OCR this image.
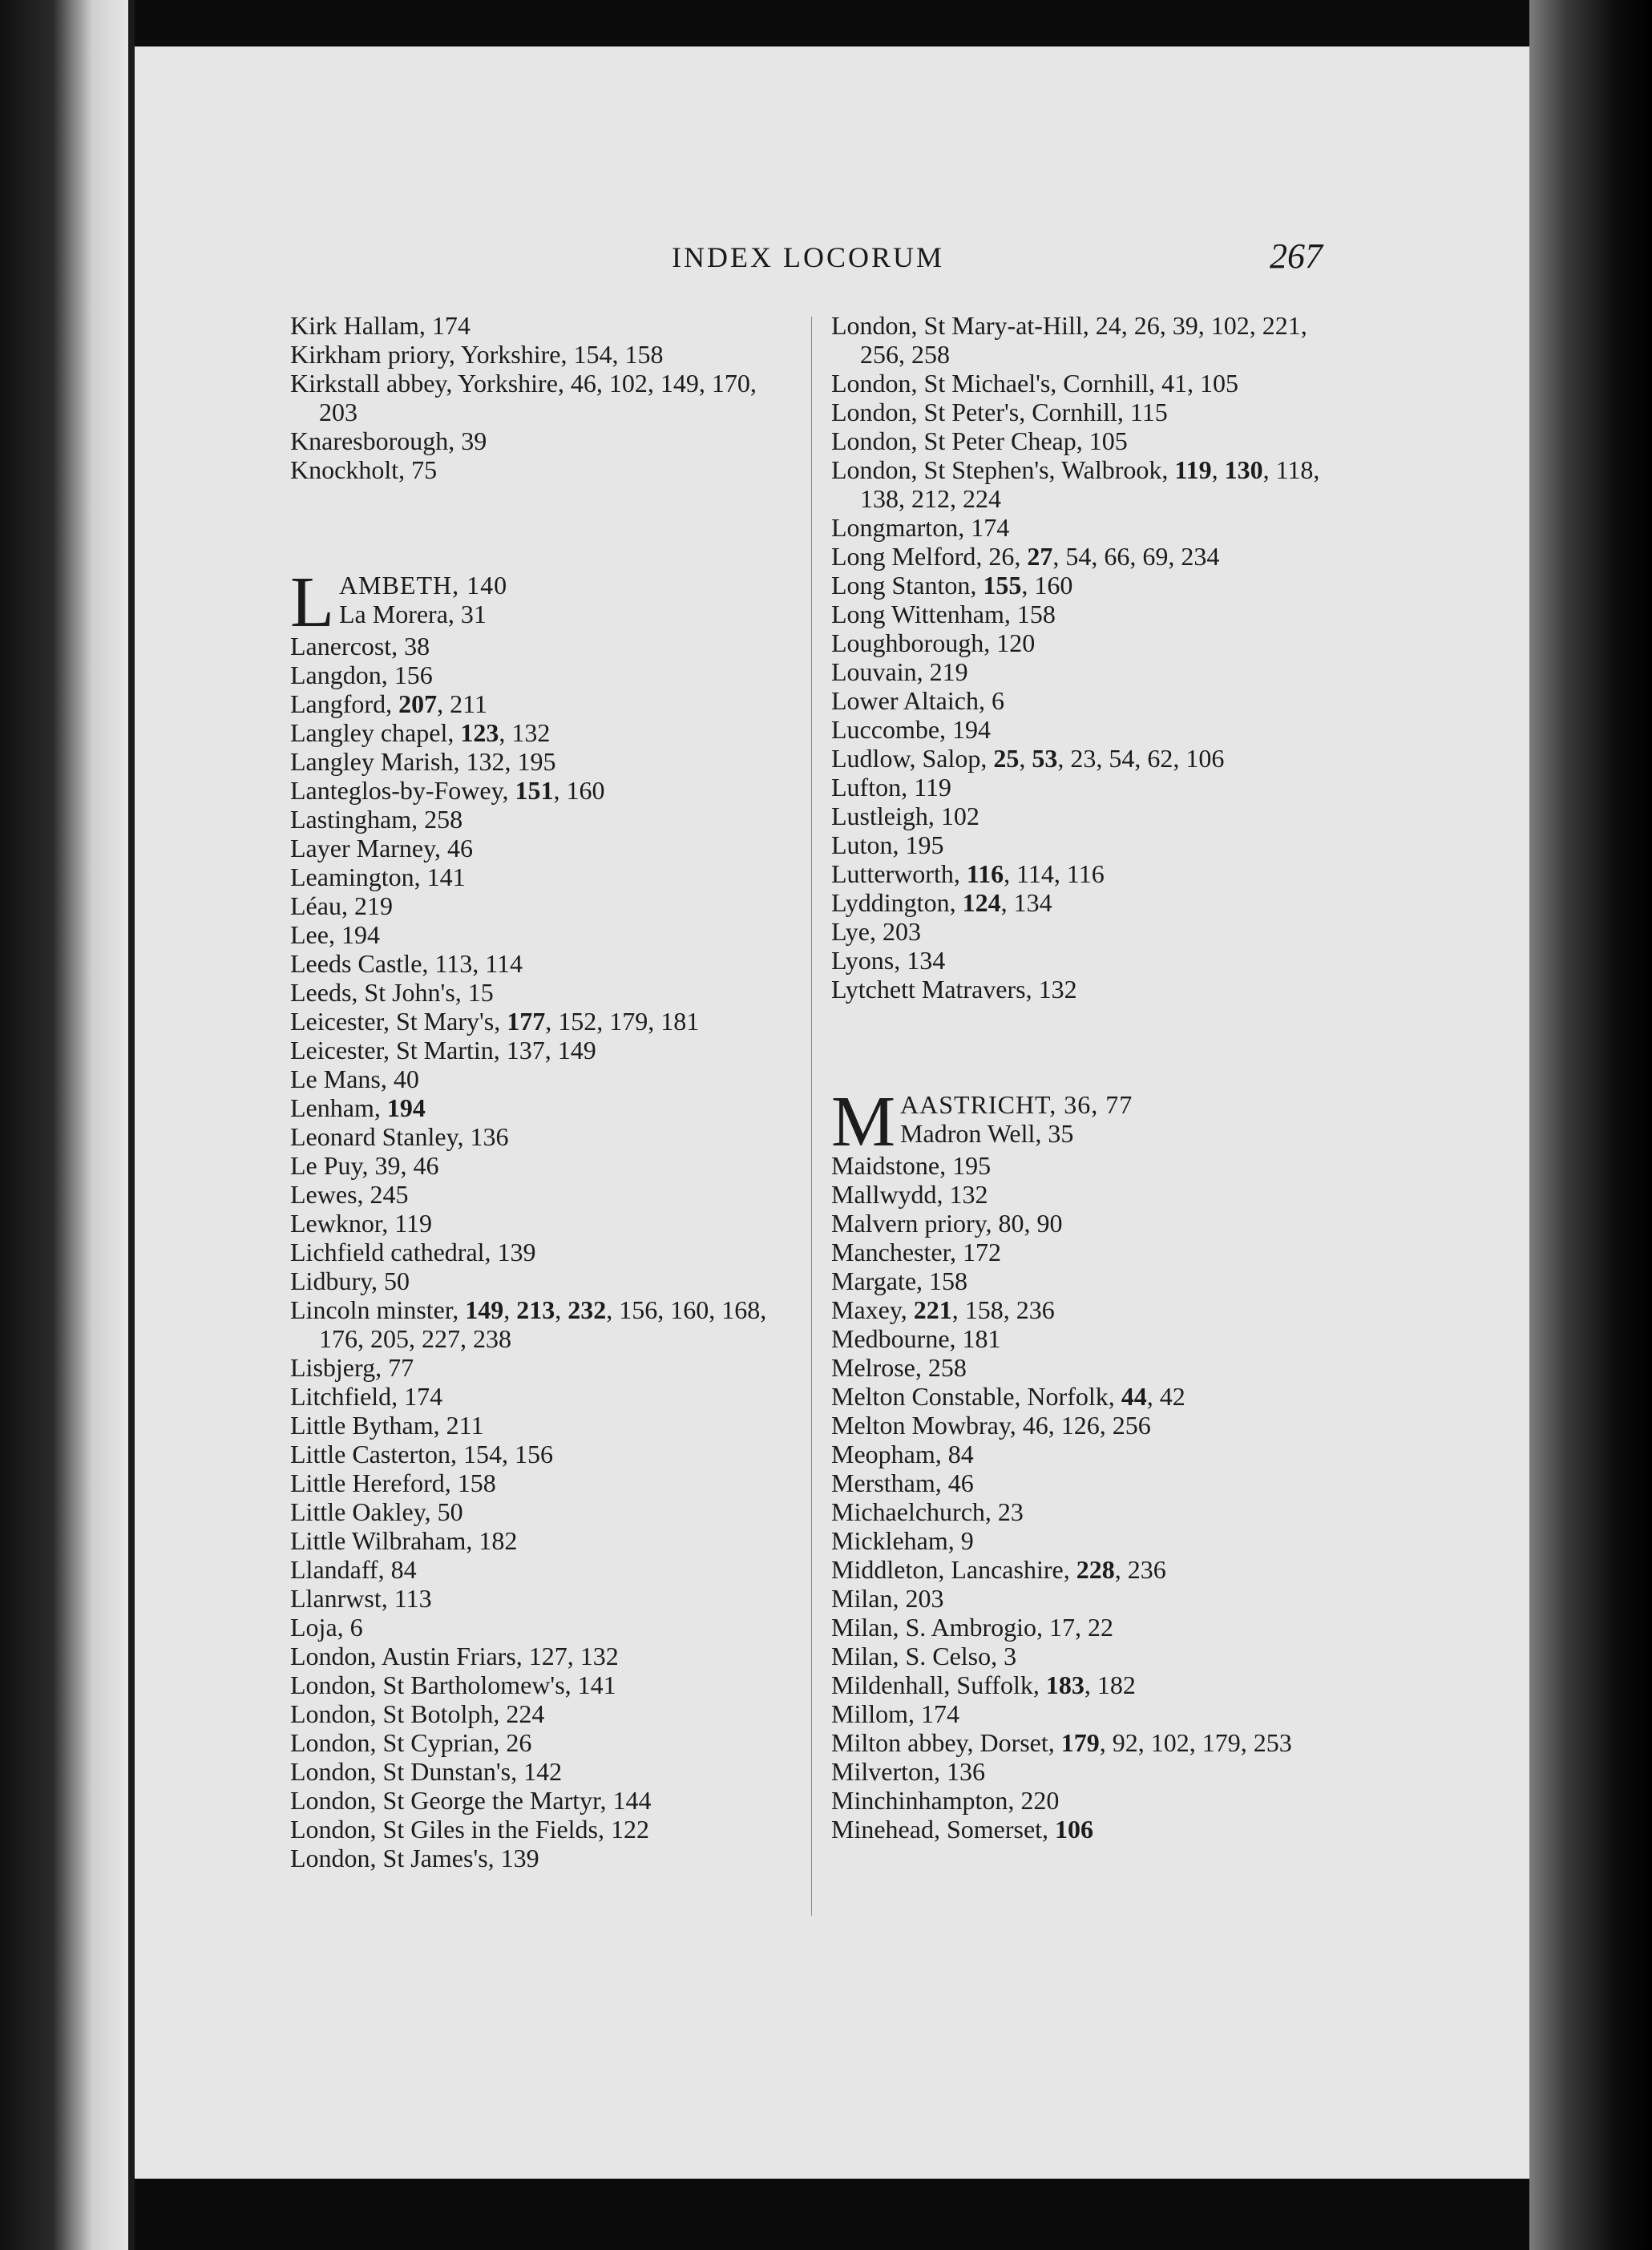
INDEX LOCORUM	267

Kirk Hallam, 174

Kirkham priory, Yorkshire, 154, 158

Kirkstall abbey, Yorkshire, 46, 102, 149, 170, 203

Knaresborough, 39

Knockholt, 75

L AMBETH, 140
La Morera, 31

Lanercost, 38

Langdon, 156

Langford, 207, 211

Langley chapel, 123, 132

Langley Marish, 132, 195

Lanteglos-by-Fowey, 151, 160

Lastingham, 258

Layer Marney, 46

Leamington, 141

Léau, 219

Lee, 194

Leeds Castle, 113, 114

Leeds, St John's, 15

Leicester, St Mary's, 177, 152, 179, 181

Leicester, St Martin, 137, 149

Le Mans, 40

Lenham, 194

Leonard Stanley, 136

Le Puy, 39, 46

Lewes, 245

Lewknor, 119

Lichfield cathedral, 139

Lidbury, 50

Lincoln minster, 149, 213, 232, 156, 160, 168, 176, 205, 227, 238

Lisbjerg, 77

Litchfield, 174

Little Bytham, 211

Little Casterton, 154, 156

Little Hereford, 158

Little Oakley, 50

Little Wilbraham, 182

Llandaff, 84

Llanrwst, 113

Loja, 6

London, Austin Friars, 127, 132

London, St Bartholomew's, 141

London, St Botolph, 224

London, St Cyprian, 26

London, St Dunstan's, 142

London, St George the Martyr, 144

London, St Giles in the Fields, 122

London, St James's, 139

London, St Mary-at-Hill, 24, 26, 39, 102, 221, 256, 258

London, St Michael's, Cornhill, 41, 105

London, St Peter's, Cornhill, 115

London, St Peter Cheap, 105

London, St Stephen's, Walbrook, 119, 130, 118, 138, 212, 224

Longmarton, 174

Long Melford, 26, 27, 54, 66, 69, 234

Long Stanton, 155, 160

Long Wittenham, 158

Loughborough, 120

Louvain, 219

Lower Altaich, 6

Luccombe, 194

Ludlow, Salop, 25, 53, 23, 54, 62, 106

Lufton, 119

Lustleigh, 102

Luton, 195

Lutterworth, 116, 114, 116

Lyddington, 124, 134

Lye, 203

Lyons, 134

Lytchett Matravers, 132

M AASTRICHT, 36, 77
Madron Well, 35

Maidstone, 195

Mallwydd, 132

Malvern priory, 80, 90

Manchester, 172

Margate, 158

Maxey, 221, 158, 236

Medbourne, 181

Melrose, 258

Melton Constable, Norfolk, 44, 42

Melton Mowbray, 46, 126, 256

Meopham, 84

Merstham, 46

Michaelchurch, 23

Mickleham, 9

Middleton, Lancashire, 228, 236

Milan, 203

Milan, S. Ambrogio, 17, 22

Milan, S. Celso, 3

Mildenhall, Suffolk, 183, 182

Millom, 174

Milton abbey, Dorset, 179, 92, 102, 179, 253

Milverton, 136

Minchinhampton, 220

Minehead, Somerset, 106
